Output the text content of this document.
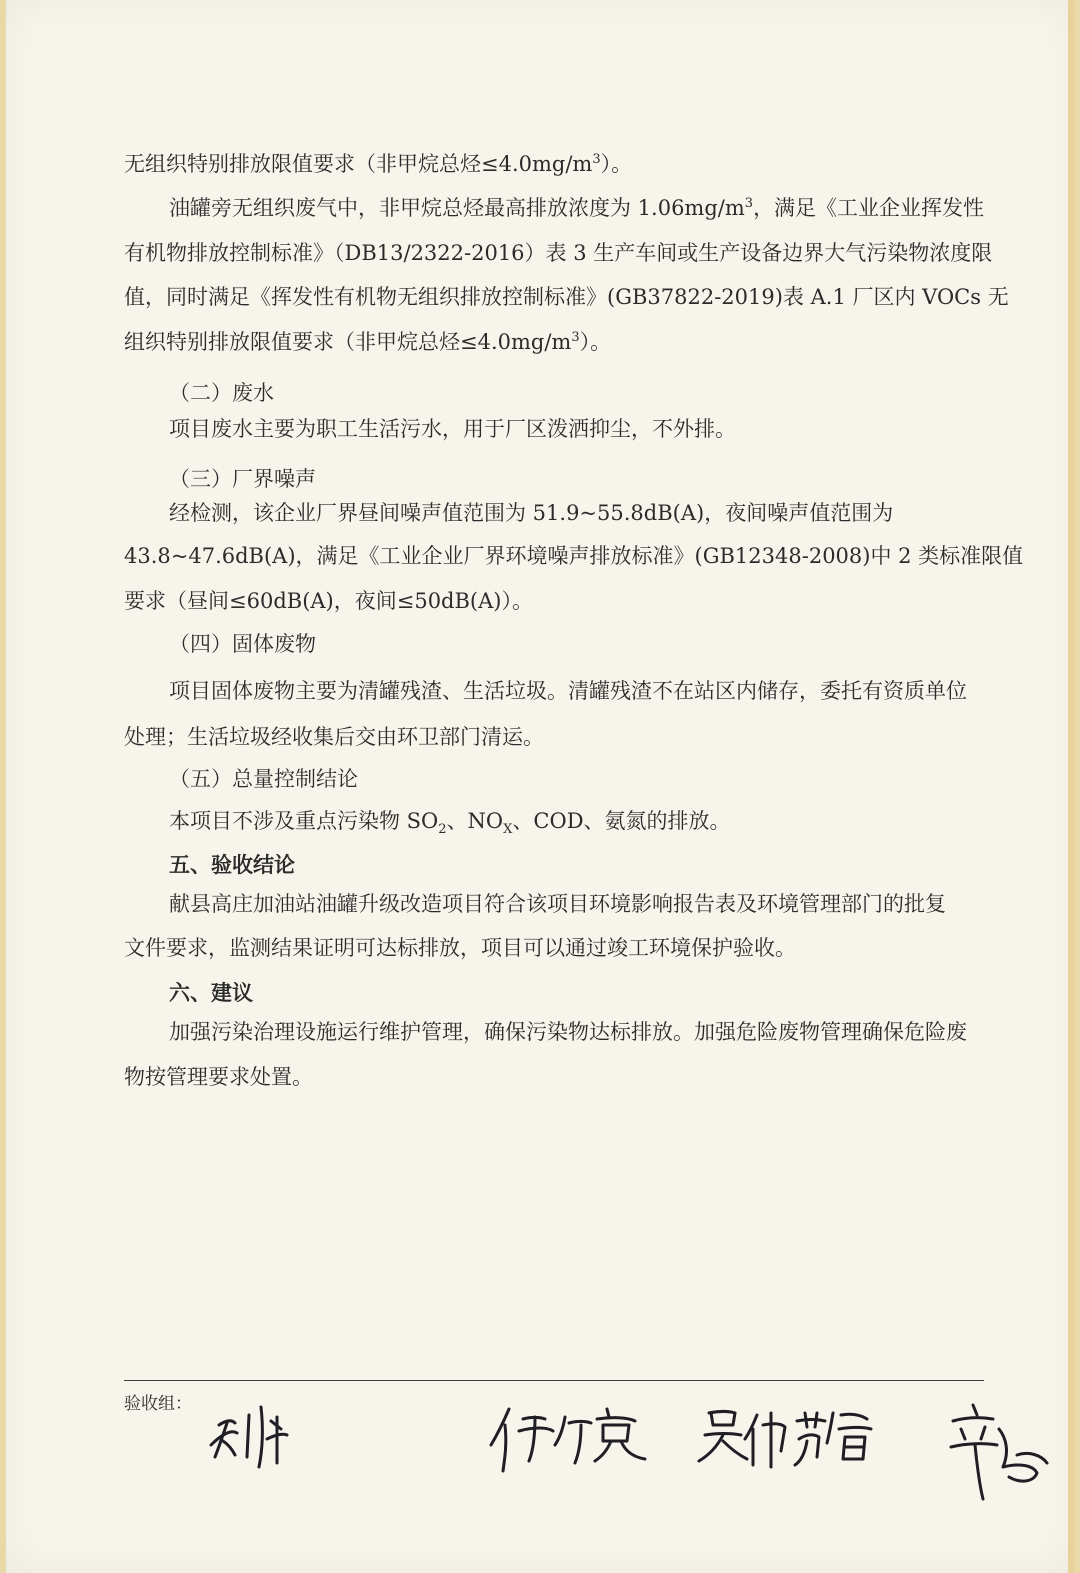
无组织特别排放限值要求（非甲烷总烃$\le 4.0mg/m^3$）。

油罐旁无组织废气中，非甲烷总烃最高排放浓度为 $1.06mg/m^3$，满足《工业企业挥发性

有机物排放控制标准》（DB13/2322-2016）表 3 生产车间或生产设备边界大气污染物浓度限

值，同时满足《挥发性有机物无组织排放控制标准》(GB37822-2019)表 A.1 厂区内 VOCs 无

组织特别排放限值要求（非甲烷总烃$\le 4.0mg/m^3$）。

（二）废水

项目废水主要为职工生活污水，用于厂区泼洒抑尘，不外排。

（三）厂界噪声

经检测，该企业厂界昼间噪声值范围为 51.9~55.8dB(A)，夜间噪声值范围为

43.8~47.6dB(A)，满足《工业企业厂界环境噪声排放标准》(GB12348-2008)中 2 类标准限值

要求（昼间≤60dB(A)，夜间≤50dB(A)）。

（四）固体废物

项目固体废物主要为清罐残渣、生活垃圾。清罐残渣不在站区内储存，委托有资质单位

处理；生活垃圾经收集后交由环卫部门清运。

（五）总量控制结论

本项目不涉及重点污染物 $SO_2$、$NO_X$、COD、氨氮的排放。

五、验收结论

献县高庄加油站油罐升级改造项目符合该项目环境影响报告表及环境管理部门的批复

文件要求，监测结果证明可达标排放，项目可以通过竣工环境保护验收。

六、建议

加强污染治理设施运行维护管理，确保污染物达标排放。加强危险废物管理确保危险废

物按管理要求处置。

验收组：
